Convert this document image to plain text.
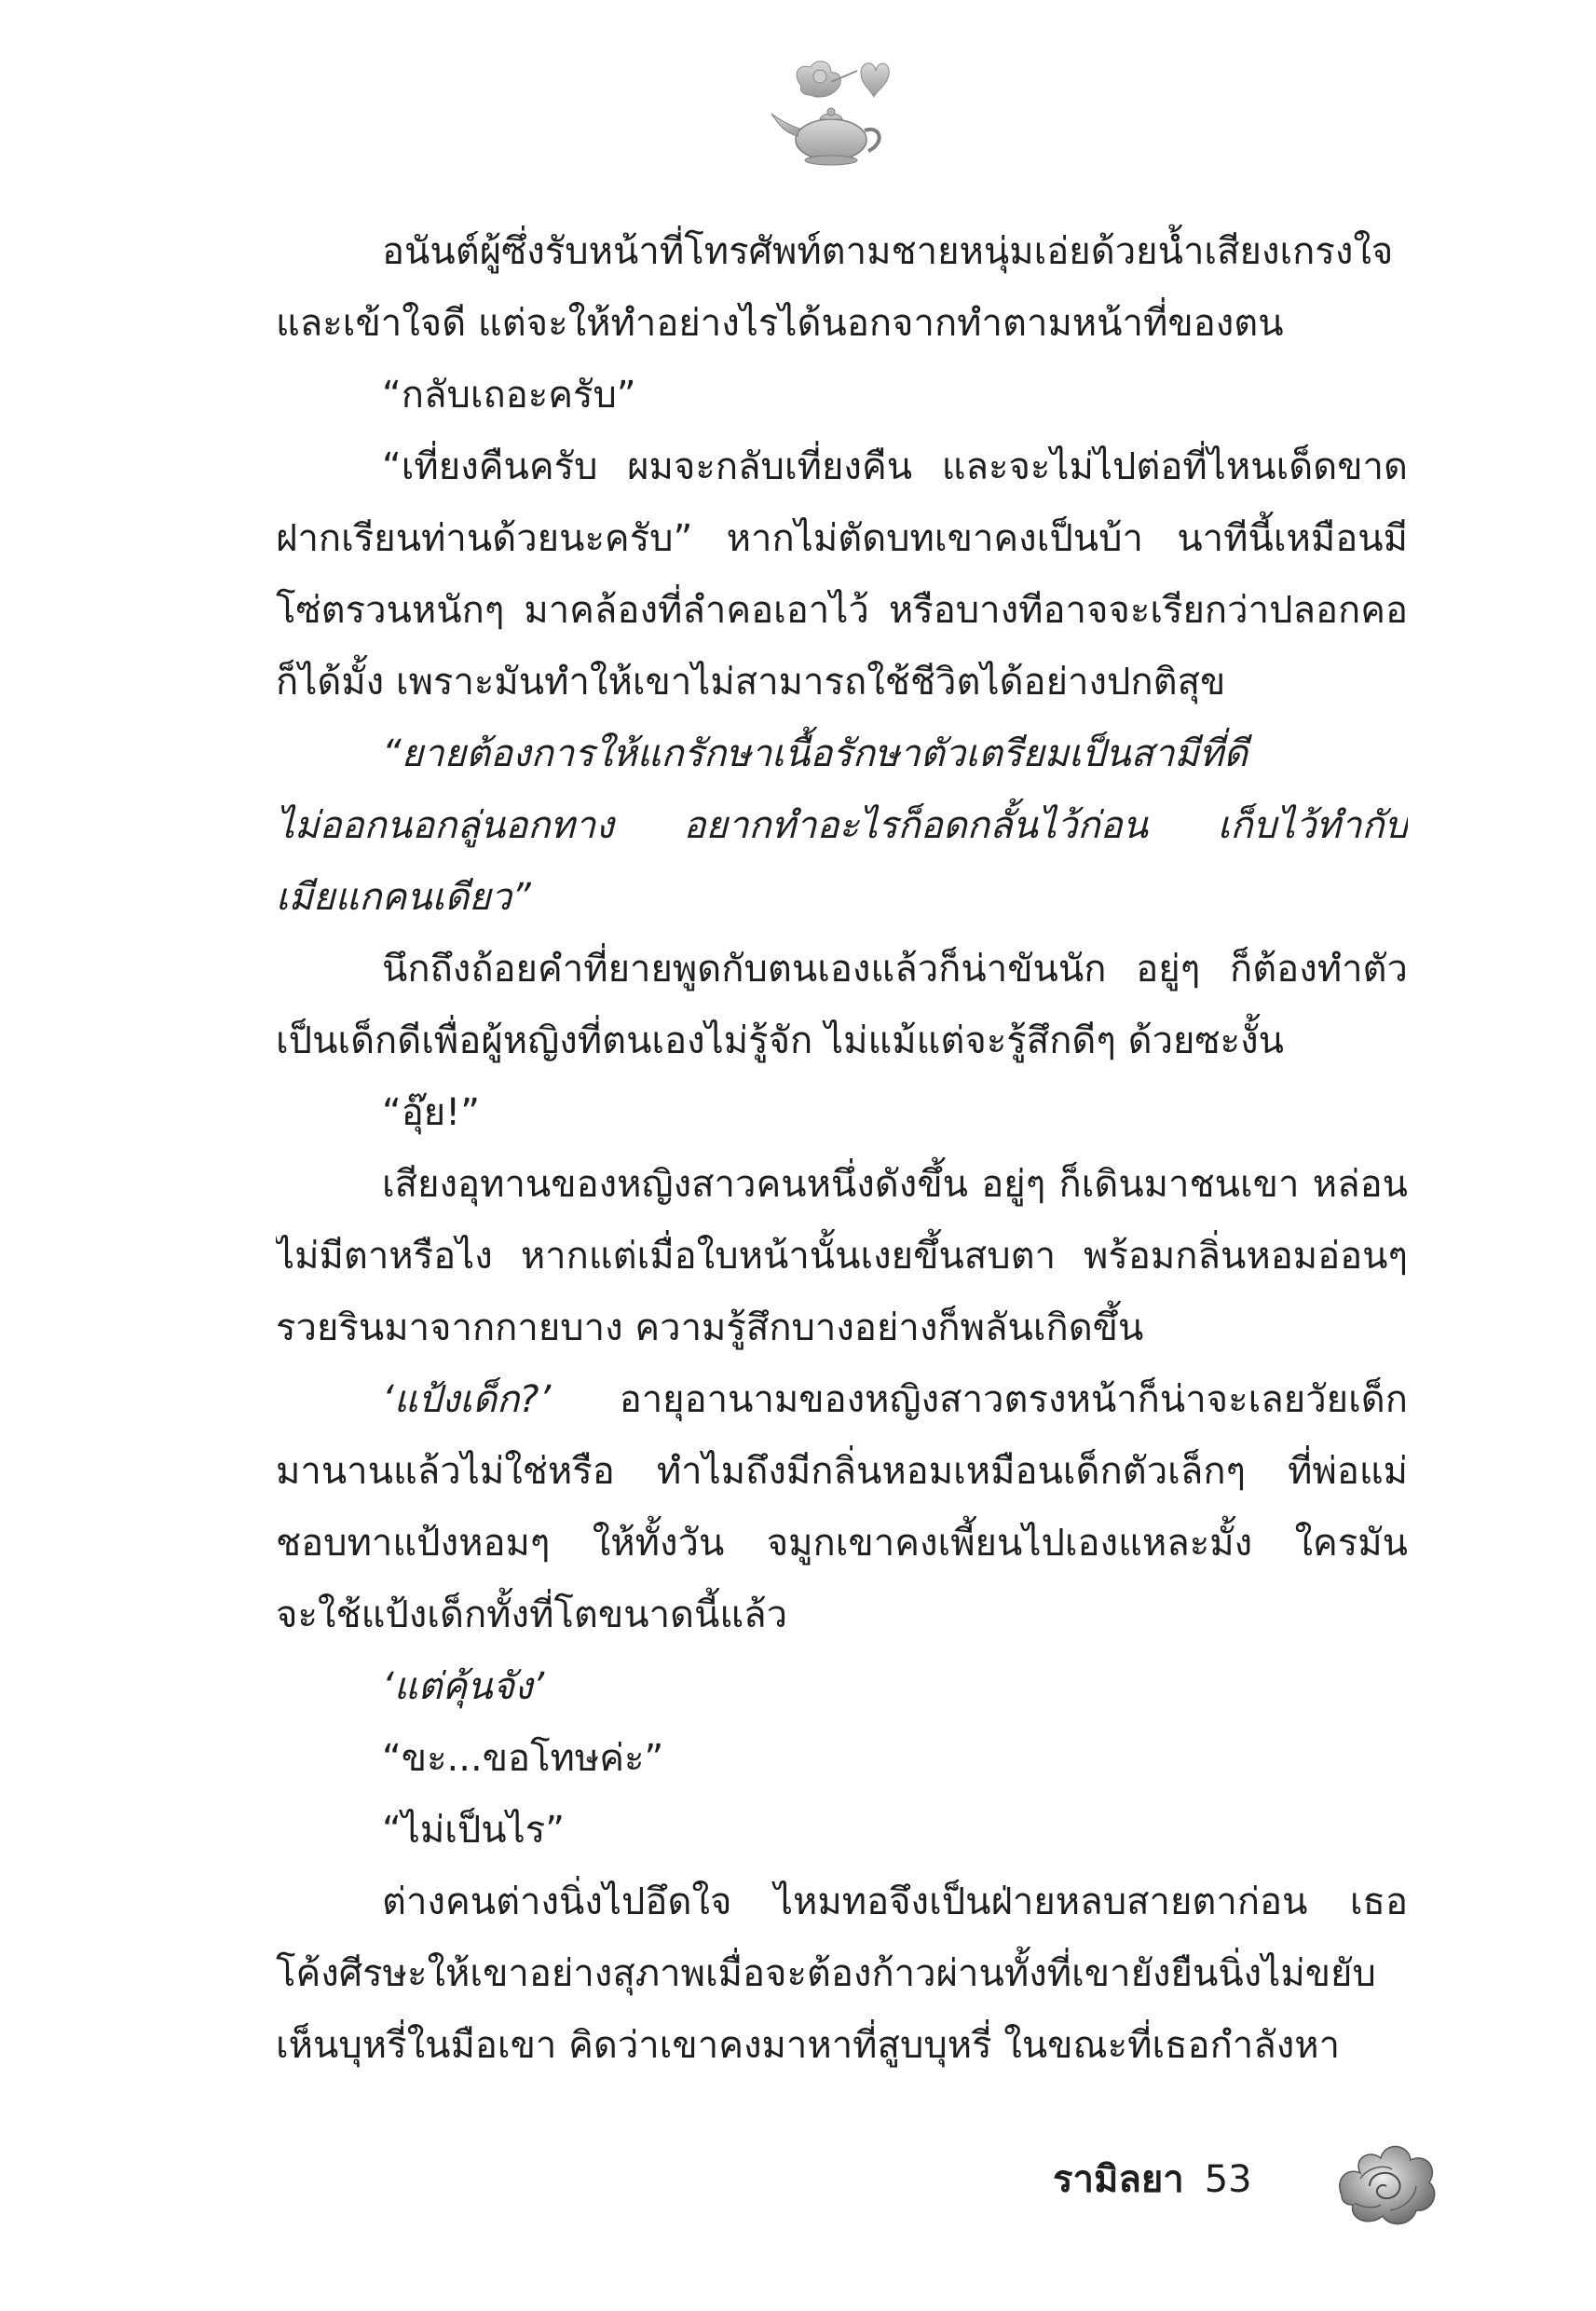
อนันต์ผู้ซึ่งรับหน้าที่โทรศัพท์ตามชายหนุ่มเอ่ยด้วยน้ำเสียงเกรงใจ
และเข้าใจดี แต่จะให้ทำอย่างไรได้นอกจากทำตามหน้าที่ของตน
“กลับเถอะครับ”
“เที่ยงคืนครับ ผมจะกลับเที่ยงคืน และจะไม่ไปต่อที่ไหนเด็ดขาด
ฝากเรียนท่านด้วยนะครับ” หากไม่ตัดบทเขาคงเป็นบ้า นาทีนี้เหมือนมี
โซ่ตรวนหนักๆ มาคล้องที่ลำคอเอาไว้ หรือบางทีอาจจะเรียกว่าปลอกคอ
ก็ได้มั้ง เพราะมันทำให้เขาไม่สามารถใช้ชีวิตได้อย่างปกติสุข
“ยายต้องการให้แกรักษาเนื้อรักษาตัวเตรียมเป็นสามีที่ดี
ไม่ออกนอกลู่นอกทาง อยากทำอะไรก็อดกลั้นไว้ก่อน เก็บไว้ทำกับ
เมียแกคนเดียว”
นึกถึงถ้อยคำที่ยายพูดกับตนเองแล้วก็น่าขันนัก อยู่ๆ ก็ต้องทำตัว
เป็นเด็กดีเพื่อผู้หญิงที่ตนเองไม่รู้จัก ไม่แม้แต่จะรู้สึกดีๆ ด้วยซะงั้น
“อุ๊ย!”
เสียงอุทานของหญิงสาวคนหนึ่งดังขึ้น อยู่ๆ ก็เดินมาชนเขา หล่อน
ไม่มีตาหรือไง หากแต่เมื่อใบหน้านั้นเงยขึ้นสบตา พร้อมกลิ่นหอมอ่อนๆ
รวยรินมาจากกายบาง ความรู้สึกบางอย่างก็พลันเกิดขึ้น
‘แป้งเด็ก?’ อายุอานามของหญิงสาวตรงหน้าก็น่าจะเลยวัยเด็ก
มานานแล้วไม่ใช่หรือ ทำไมถึงมีกลิ่นหอมเหมือนเด็กตัวเล็กๆ ที่พ่อแม่
ชอบทาแป้งหอมๆ ให้ทั้งวัน จมูกเขาคงเพี้ยนไปเองแหละมั้ง ใครมัน
จะใช้แป้งเด็กทั้งที่โตขนาดนี้แล้ว
‘แต่คุ้นจัง’
“ขะ...ขอโทษค่ะ”
“ไม่เป็นไร”
ต่างคนต่างนิ่งไปอึดใจ ไหมทอจึงเป็นฝ่ายหลบสายตาก่อน เธอ
โค้งศีรษะให้เขาอย่างสุภาพเมื่อจะต้องก้าวผ่านทั้งที่เขายังยืนนิ่งไม่ขยับ
เห็นบุหรี่ในมือเขา คิดว่าเขาคงมาหาที่สูบบุหรี่ ในขณะที่เธอกำลังหา
รามิลยา 53
